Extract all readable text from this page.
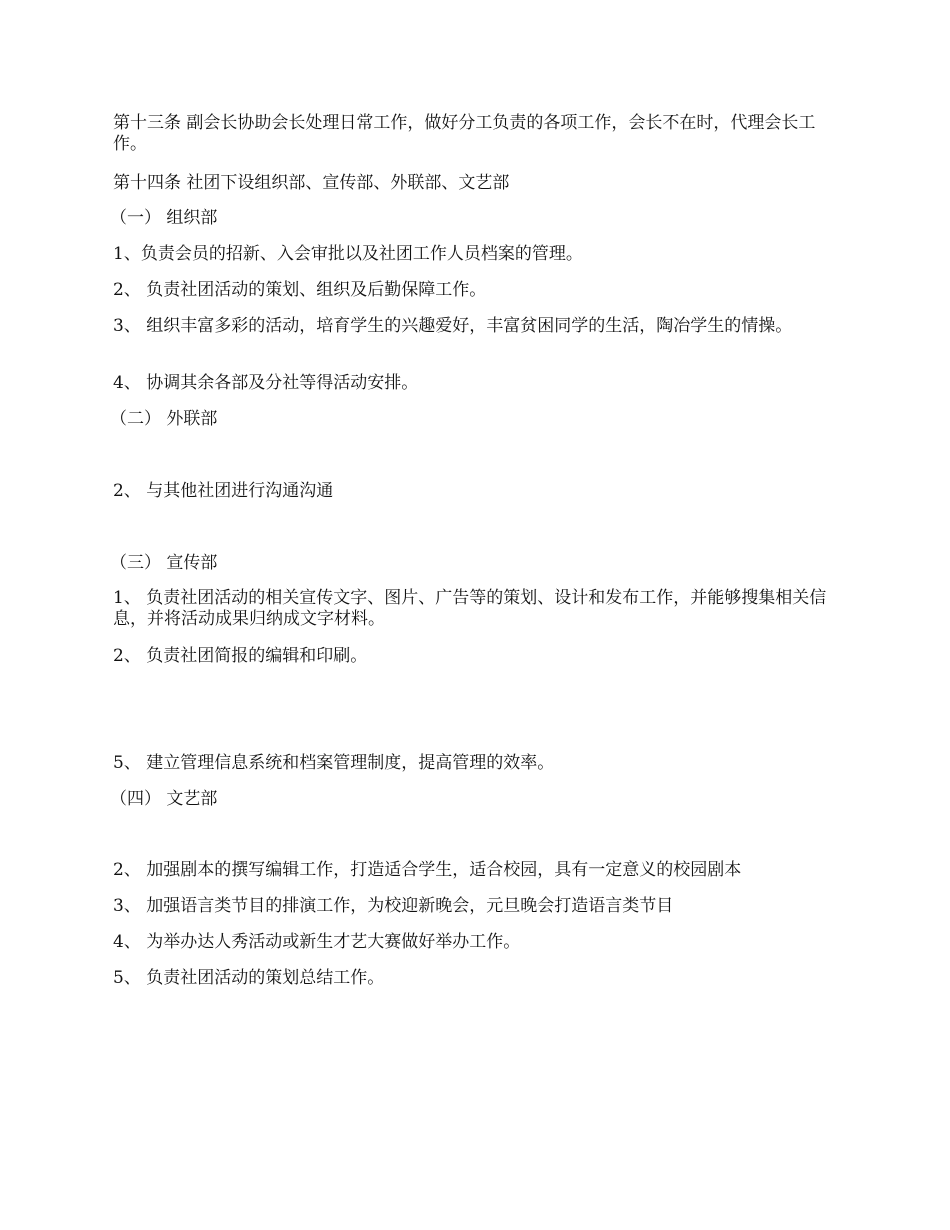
第十三条 副会长协助会长处理日常工作，做好分工负责的各项工作，会长不在时，代理会长工作。

第十四条 社团下设组织部、宣传部、外联部、文艺部

（一） 组织部

1、负责会员的招新、入会审批以及社团工作人员档案的管理。

2、 负责社团活动的策划、组织及后勤保障工作。

3、 组织丰富多彩的活动，培育学生的兴趣爱好，丰富贫困同学的生活，陶冶学生的情操。

4、 协调其余各部及分社等得活动安排。

（二） 外联部

2、 与其他社团进行沟通沟通

（三） 宣传部

1、 负责社团活动的相关宣传文字、图片、广告等的策划、设计和发布工作，并能够搜集相关信息，并将活动成果归纳成文字材料。

2、 负责社团简报的编辑和印刷。

5、 建立管理信息系统和档案管理制度，提高管理的效率。

（四） 文艺部

2、 加强剧本的撰写编辑工作，打造适合学生，适合校园，具有一定意义的校园剧本

3、 加强语言类节目的排演工作，为校迎新晚会，元旦晚会打造语言类节目

4、 为举办达人秀活动或新生才艺大赛做好举办工作。

5、 负责社团活动的策划总结工作。
